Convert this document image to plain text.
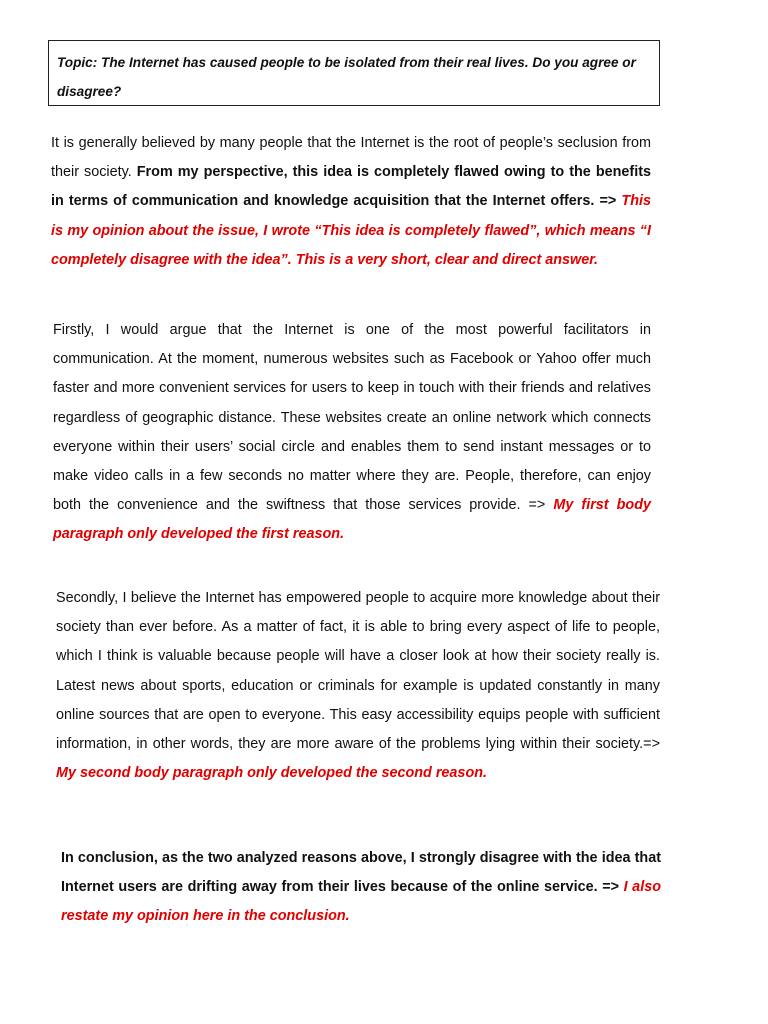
Topic: The Internet has caused people to be isolated from their real lives. Do you agree or disagree?

It is generally believed by many people that the Internet is the root of people’s seclusion from their society. From my perspective, this idea is completely flawed owing to the benefits in terms of communication and knowledge acquisition that the Internet offers. => This is my opinion about the issue, I wrote “This idea is completely flawed”, which means “I completely disagree with the idea”. This is a very short, clear and direct answer.

Firstly, I would argue that the Internet is one of the most powerful facilitators in communication. At the moment, numerous websites such as Facebook or Yahoo offer much faster and more convenient services for users to keep in touch with their friends and relatives regardless of geographic distance. These websites create an online network which connects everyone within their users’ social circle and enables them to send instant messages or to make video calls in a few seconds no matter where they are. People, therefore, can enjoy both the convenience and the swiftness that those services provide. => My first body paragraph only developed the first reason.

Secondly, I believe the Internet has empowered people to acquire more knowledge about their society than ever before. As a matter of fact, it is able to bring every aspect of life to people, which I think is valuable because people will have a closer look at how their society really is. Latest news about sports, education or criminals for example is updated constantly in many online sources that are open to everyone. This easy accessibility equips people with sufficient information, in other words, they are more aware of the problems lying within their society.=> My second body paragraph only developed the second reason.

In conclusion, as the two analyzed reasons above, I strongly disagree with the idea that Internet users are drifting away from their lives because of the online service. => I also restate my opinion here in the conclusion.
